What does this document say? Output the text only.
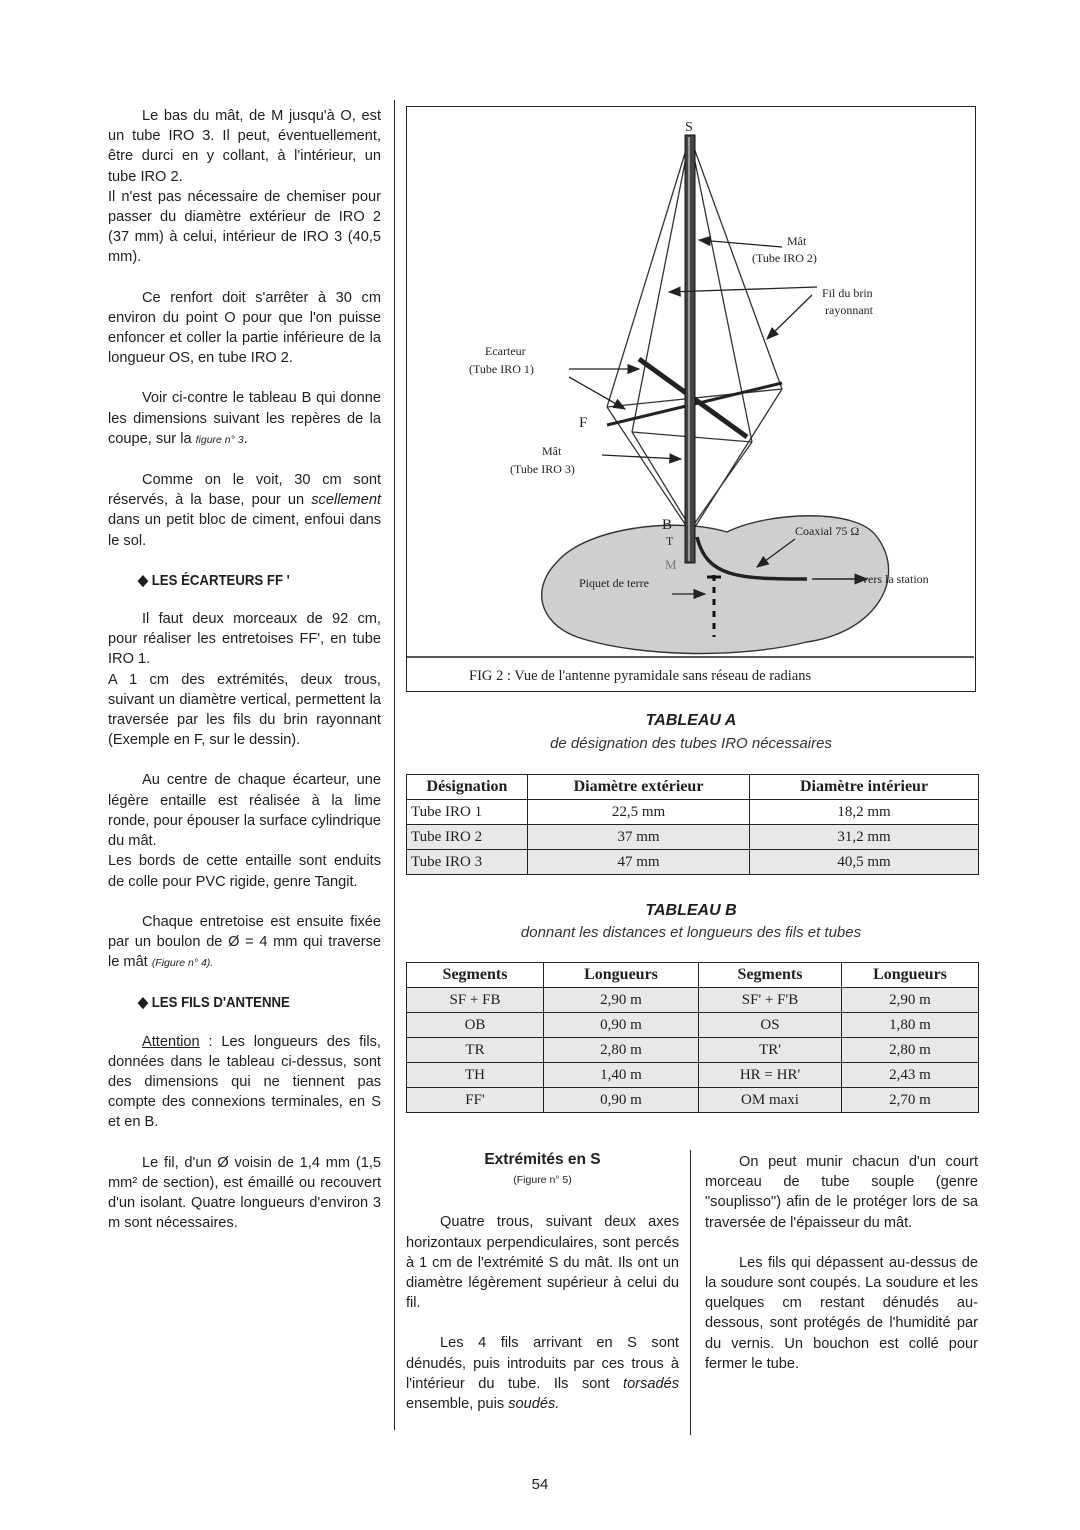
Le bas du mât, de M jusqu'à O, est un tube IRO 3. Il peut, éventuellement, être durci en y collant, à l'intérieur, un tube IRO 2.

Il n'est pas nécessaire de chemiser pour passer du diamètre extérieur de IRO 2 (37 mm) à celui, intérieur de IRO 3 (40,5 mm).

Ce renfort doit s'arrêter à 30 cm environ du point O pour que l'on puisse enfoncer et coller la partie inférieure de la longueur OS, en tube IRO 2.

Voir ci-contre le tableau B qui donne les dimensions suivant les repères de la coupe, sur la figure n° 3.

Comme on le voit, 30 cm sont réservés, à la base, pour un scellement dans un petit bloc de ciment, enfoui dans le sol.

◆ LES ÉCARTEURS FF '

Il faut deux morceaux de 92 cm, pour réaliser les entretoises FF', en tube IRO 1.

A 1 cm des extrémités, deux trous, suivant un diamètre vertical, permettent la traversée par les fils du brin rayonnant (Exemple en F, sur le dessin).

Au centre de chaque écarteur, une légère entaille est réalisée à la lime ronde, pour épouser la surface cylindrique du mât.

Les bords de cette entaille sont enduits de colle pour PVC rigide, genre Tangit.

Chaque entretoise est ensuite fixée par un boulon de Ø = 4 mm qui traverse le mât (Figure n° 4).

◆ LES FILS D'ANTENNE

Attention : Les longueurs des fils, données dans le tableau ci-dessus, sont des dimensions qui ne tiennent pas compte des connexions terminales, en S et en B.

Le fil, d'un Ø voisin de 1,4 mm (1,5 mm² de section), est émaillé ou recouvert d'un isolant. Quatre longueurs d'environ 3 m sont nécessaires.

S
Mât
(Tube IRO 2)
Fil du brin
rayonnant
Ecarteur
(Tube IRO 1)
F
Mât
(Tube IRO 3)
B
T
M
Coaxial 75 Ω
Piquet de terre	vers la station
FIG 2 : Vue de l'antenne pyramidale sans réseau de radians
TABLEAU A
de désignation des tubes IRO nécessaires
Désignation	Diamètre extérieur	Diamètre intérieur
Tube IRO 1	22,5 mm	18,2 mm
Tube IRO 2	37 mm	31,2 mm
Tube IRO 3	47 mm	40,5 mm
TABLEAU B
donnant les distances et longueurs des fils et tubes
Segments	Longueurs	Segments	Longueurs
SF + FB	2,90 m	SF' + F'B	2,90 m
OB	0,90 m	OS	1,80 m
TR	2,80 m	TR'	2,80 m
TH	1,40 m	HR = HR'	2,43 m
FF'	0,90 m	OM maxi	2,70 m
Extrémités en S
(Figure n° 5)

Quatre trous, suivant deux axes horizontaux perpendiculaires, sont percés à 1 cm de l'extrémité S du mât. Ils ont un diamètre légèrement supérieur à celui du fil.

Les 4 fils arrivant en S sont dénudés, puis introduits par ces trous à l'intérieur du tube. Ils sont torsadés ensemble, puis soudés.

On peut munir chacun d'un court morceau de tube souple (genre "souplisso") afin de le protéger lors de sa traversée de l'épaisseur du mât.

Les fils qui dépassent au-dessus de la soudure sont coupés. La soudure et les quelques cm restant dénudés au-dessous, sont protégés de l'humidité par du vernis. Un bouchon est collé pour fermer le tube.

54
